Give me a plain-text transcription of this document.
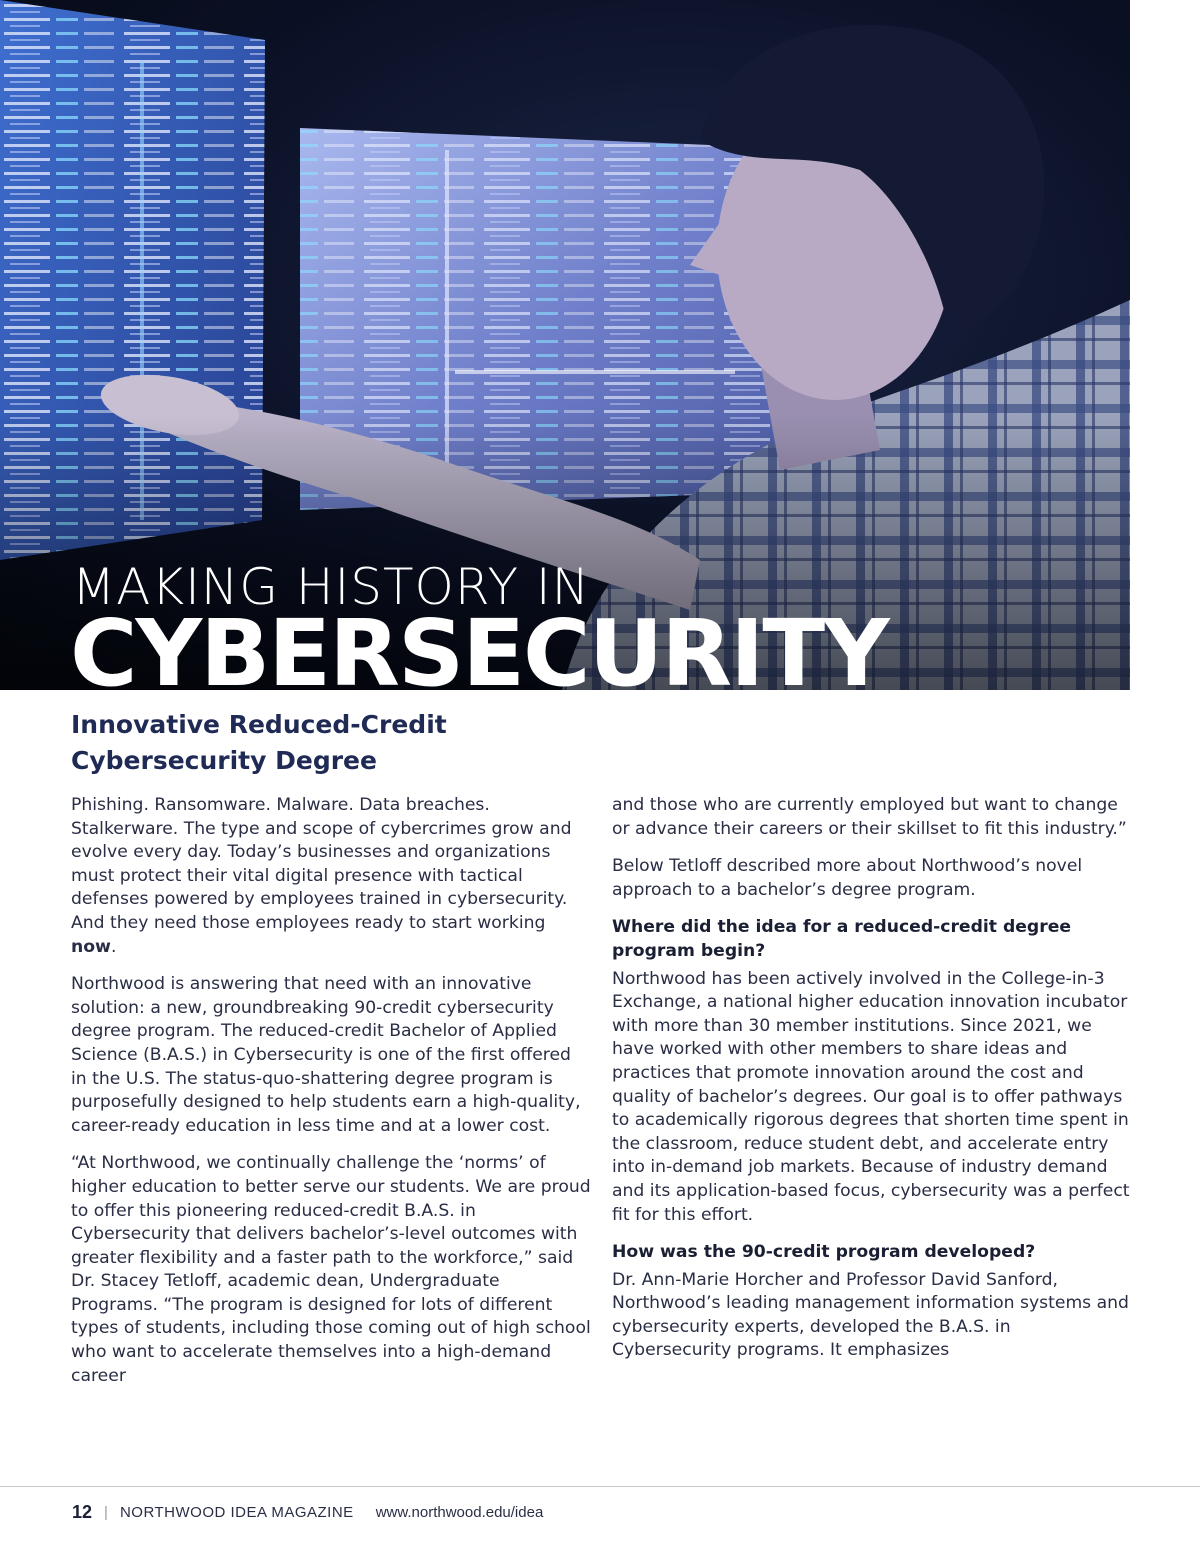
MAKING HISTORY IN
CYBERSECURITY
Innovative Reduced-Credit Cybersecurity Degree

Phishing. Ransomware. Malware. Data breaches. Stalkerware. The type and scope of cybercrimes grow and evolve every day. Today’s businesses and organizations must protect their vital digital presence with tactical defenses powered by employees trained in cybersecurity. And they need those employees ready to start working now.

Northwood is answering that need with an innovative solution: a new, groundbreaking 90-credit cybersecurity degree program. The reduced-credit Bachelor of Applied Science (B.A.S.) in Cybersecurity is one of the first offered in the U.S. The status-quo-shattering degree program is purposefully designed to help students earn a high-quality, career-ready education in less time and at a lower cost.

“At Northwood, we continually challenge the ‘norms’ of higher education to better serve our students. We are proud to offer this pioneering reduced-credit B.A.S. in Cybersecurity that delivers bachelor’s-level outcomes with greater flexibility and a faster path to the workforce,” said Dr. Stacey Tetloff, academic dean, Undergraduate Programs. “The program is designed for lots of different types of students, including those coming out of high school who want to accelerate themselves into a high-demand career

and those who are currently employed but want to change or advance their careers or their skillset to fit this industry.”

Below Tetloff described more about Northwood’s novel approach to a bachelor’s degree program.

Where did the idea for a reduced-credit degree program begin?

Northwood has been actively involved in the College-in-3 Exchange, a national higher education innovation incubator with more than 30 member institutions. Since 2021, we have worked with other members to share ideas and practices that promote innovation around the cost and quality of bachelor’s degrees. Our goal is to offer pathways to academically rigorous degrees that shorten time spent in the classroom, reduce student debt, and accelerate entry into in-demand job markets. Because of industry demand and its application-based focus, cybersecurity was a perfect fit for this effort.

How was the 90-credit program developed?

Dr. Ann-Marie Horcher and Professor David Sanford, Northwood’s leading management information systems and cybersecurity experts, developed the B.A.S. in Cybersecurity programs. It emphasizes

12 | NORTHWOOD IDEA MAGAZINE www.northwood.edu/idea
